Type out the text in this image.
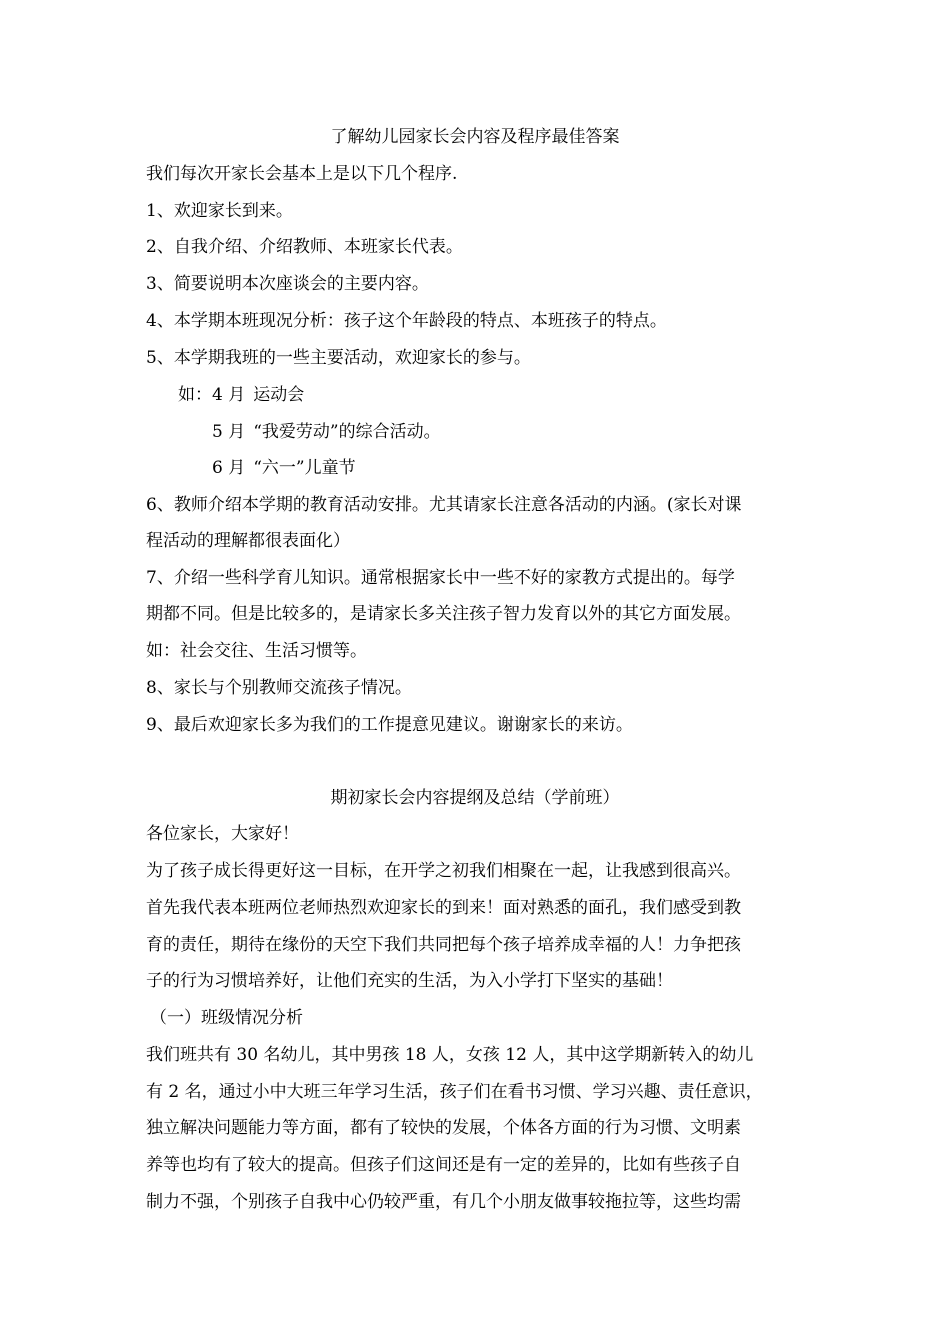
了解幼儿园家长会内容及程序最佳答案
我们每次开家长会基本上是以下几个程序.
1、欢迎家长到来。
2、自我介绍、介绍教师、本班家长代表。
3、简要说明本次座谈会的主要内容。
4、本学期本班现况分析：孩子这个年龄段的特点、本班孩子的特点。
5、本学期我班的一些主要活动，欢迎家长的参与。
如：4 月 运动会
5 月 “我爱劳动”的综合活动。
6 月 “六一”儿童节
6、教师介绍本学期的教育活动安排。尤其请家长注意各活动的内涵。(家长对课
程活动的理解都很表面化）
7、介绍一些科学育儿知识。通常根据家长中一些不好的家教方式提出的。每学
期都不同。但是比较多的，是请家长多关注孩子智力发育以外的其它方面发展。
如：社会交往、生活习惯等。
8、家长与个别教师交流孩子情况。
9、最后欢迎家长多为我们的工作提意见建议。谢谢家长的来访。
期初家长会内容提纲及总结（学前班）
各位家长，大家好！
为了孩子成长得更好这一目标，在开学之初我们相聚在一起，让我感到很高兴。
首先我代表本班两位老师热烈欢迎家长的到来！面对熟悉的面孔，我们感受到教
育的责任，期待在缘份的天空下我们共同把每个孩子培养成幸福的人！力争把孩
子的行为习惯培养好，让他们充实的生活，为入小学打下坚实的基础！
（一）班级情况分析
我们班共有 30 名幼儿，其中男孩 18 人，女孩 12 人，其中这学期新转入的幼儿
有 2 名，通过小中大班三年学习生活，孩子们在看书习惯、学习兴趣、责任意识，
独立解决问题能力等方面，都有了较快的发展，个体各方面的行为习惯、文明素
养等也均有了较大的提高。但孩子们这间还是有一定的差异的，比如有些孩子自
制力不强，个别孩子自我中心仍较严重，有几个小朋友做事较拖拉等，这些均需
